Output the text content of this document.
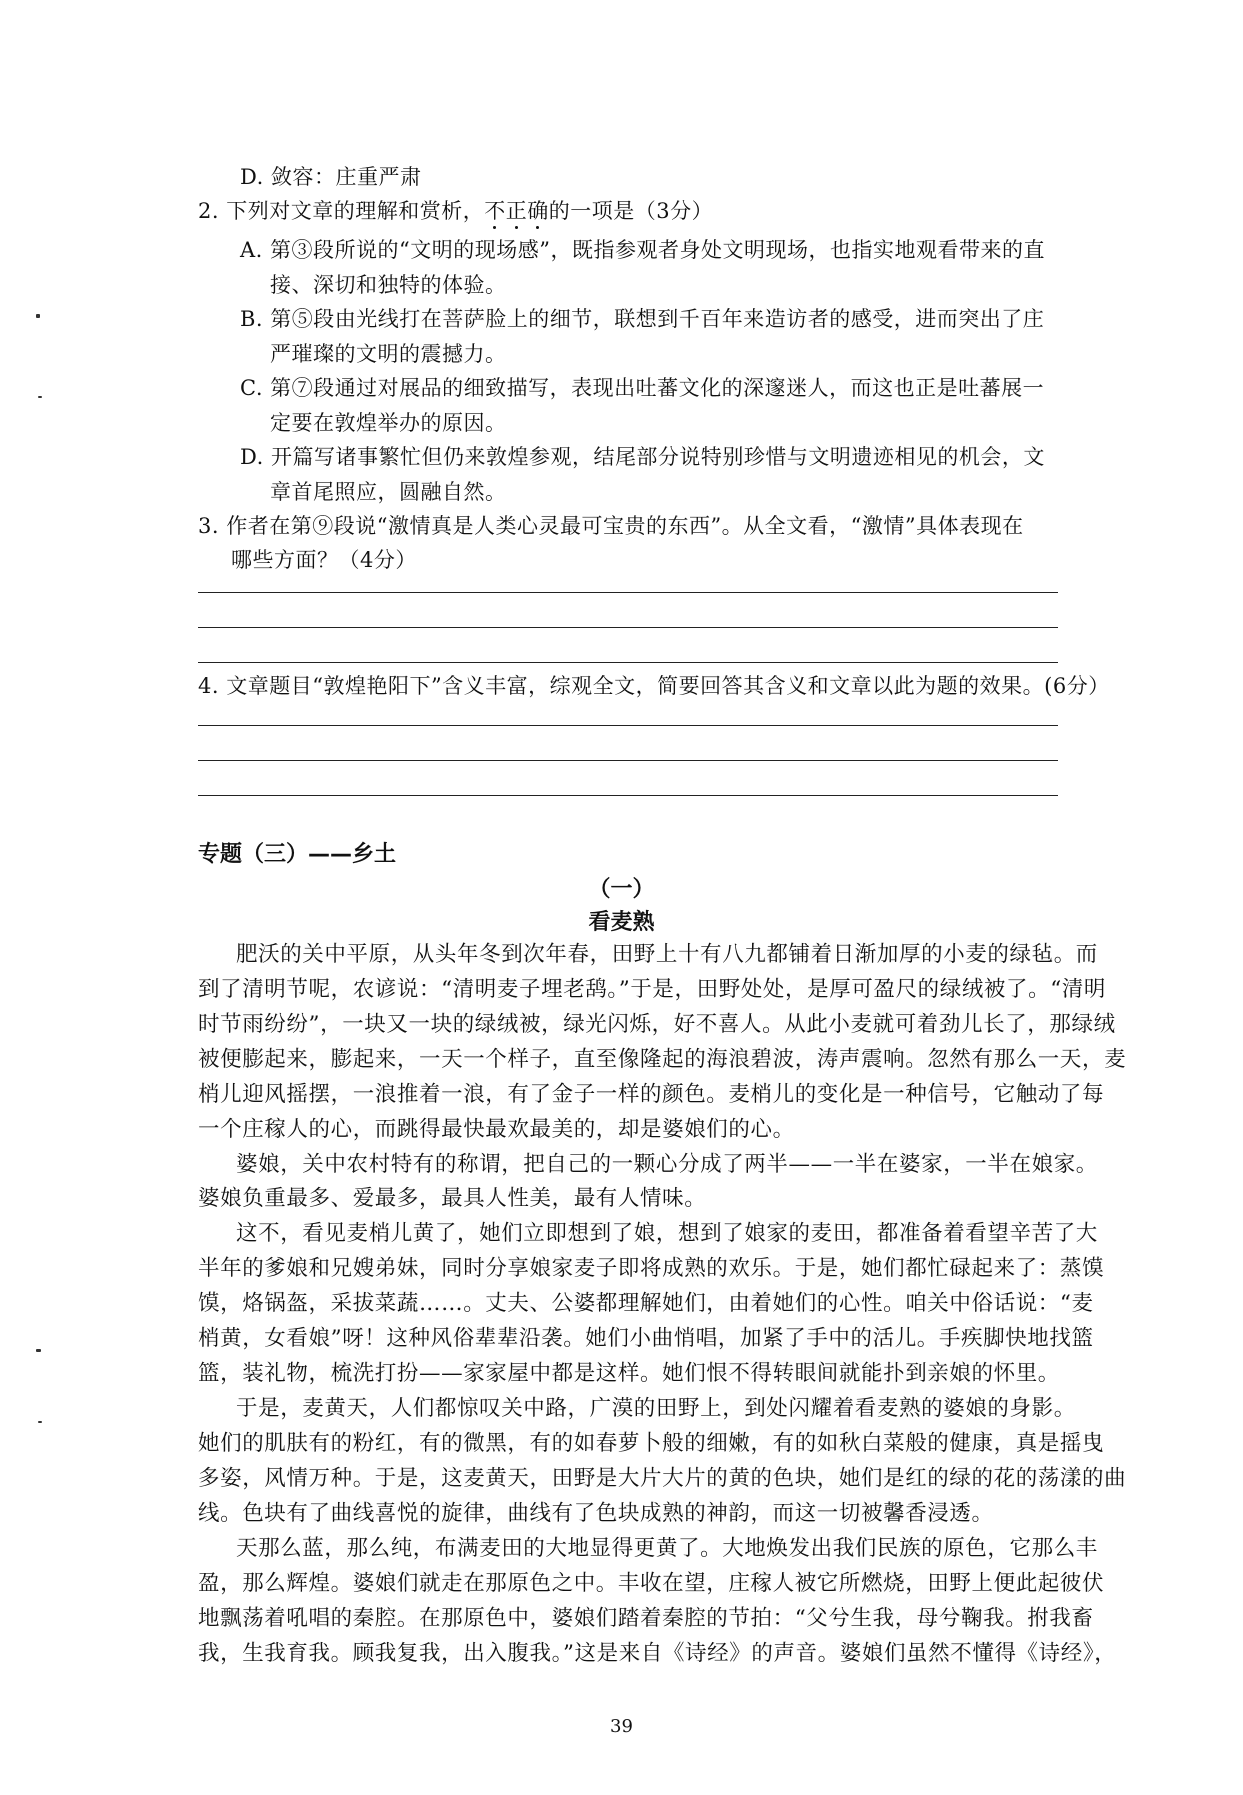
D. 敛容：庄重严肃
2. 下列对文章的理解和赏析，不正确的一项是（3分）
A. 第③段所说的“文明的现场感”，既指参观者身处文明现场，也指实地观看带来的直
接、深切和独特的体验。
B. 第⑤段由光线打在菩萨脸上的细节，联想到千百年来造访者的感受，进而突出了庄
严璀璨的文明的震撼力。
C. 第⑦段通过对展品的细致描写，表现出吐蕃文化的深邃迷人，而这也正是吐蕃展一
定要在敦煌举办的原因。
D. 开篇写诸事繁忙但仍来敦煌参观，结尾部分说特别珍惜与文明遗迹相见的机会，文
章首尾照应，圆融自然。
3. 作者在第⑨段说“激情真是人类心灵最可宝贵的东西”。从全文看，“激情”具体表现在
哪些方面？（4分）
4. 文章题目“敦煌艳阳下”含义丰富，综观全文，简要回答其含义和文章以此为题的效果。(6分）
专题（三）——乡土
（一）
看麦熟
肥沃的关中平原，从头年冬到次年春，田野上十有八九都铺着日渐加厚的小麦的绿毡。而
到了清明节呢，农谚说：“清明麦子埋老鸹。”于是，田野处处，是厚可盈尺的绿绒被了。“清明
时节雨纷纷”，一块又一块的绿绒被，绿光闪烁，好不喜人。从此小麦就可着劲儿长了，那绿绒
被便膨起来，膨起来，一天一个样子，直至像隆起的海浪碧波，涛声震响。忽然有那么一天，麦
梢儿迎风摇摆，一浪推着一浪，有了金子一样的颜色。麦梢儿的变化是一种信号，它触动了每
一个庄稼人的心，而跳得最快最欢最美的，却是婆娘们的心。
婆娘，关中农村特有的称谓，把自己的一颗心分成了两半——一半在婆家，一半在娘家。
婆娘负重最多、爱最多，最具人性美，最有人情味。
这不，看见麦梢儿黄了，她们立即想到了娘，想到了娘家的麦田，都准备着看望辛苦了大
半年的爹娘和兄嫂弟妹，同时分享娘家麦子即将成熟的欢乐。于是，她们都忙碌起来了：蒸馍
馍，烙锅盔，采拔菜蔬……。丈夫、公婆都理解她们，由着她们的心性。咱关中俗话说：“麦
梢黄，女看娘”呀！这种风俗辈辈沿袭。她们小曲悄唱，加紧了手中的活儿。手疾脚快地找篮
篮，装礼物，梳洗打扮——家家屋中都是这样。她们恨不得转眼间就能扑到亲娘的怀里。
于是，麦黄天，人们都惊叹关中路，广漠的田野上，到处闪耀着看麦熟的婆娘的身影。
她们的肌肤有的粉红，有的微黑，有的如春萝卜般的细嫩，有的如秋白菜般的健康，真是摇曳
多姿，风情万种。于是，这麦黄天，田野是大片大片的黄的色块，她们是红的绿的花的荡漾的曲
线。色块有了曲线喜悦的旋律，曲线有了色块成熟的神韵，而这一切被馨香浸透。
天那么蓝，那么纯，布满麦田的大地显得更黄了。大地焕发出我们民族的原色，它那么丰
盈，那么辉煌。婆娘们就走在那原色之中。丰收在望，庄稼人被它所燃烧，田野上便此起彼伏
地飘荡着吼唱的秦腔。在那原色中，婆娘们踏着秦腔的节拍：“父兮生我，母兮鞠我。拊我畜
我，生我育我。顾我复我，出入腹我。”这是来自《诗经》的声音。婆娘们虽然不懂得《诗经》，
39
